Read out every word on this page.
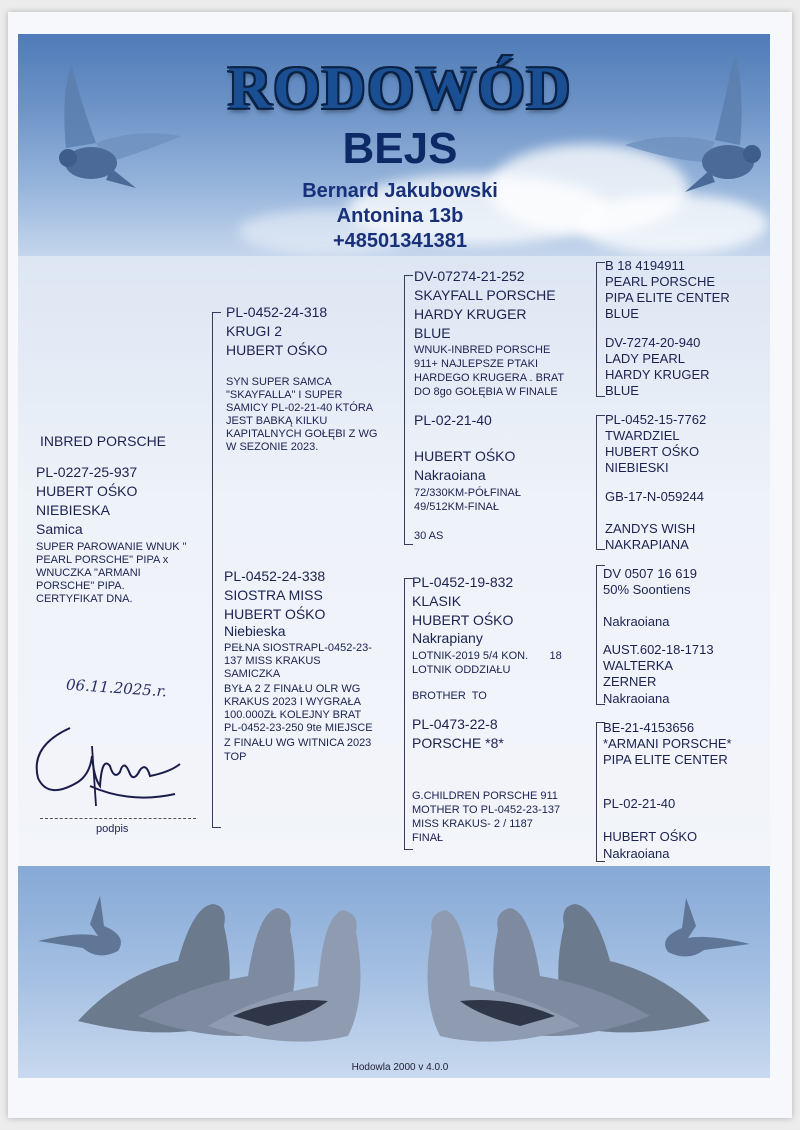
RODOWÓD
BEJS
Bernard Jakubowski
Antonina 13b
+48501341381
INBRED PORSCHE
PL-0227-25-937
HUBERT OŚKO
NIEBIESKA
Samica
SUPER PAROWANIE WNUK "
PEARL PORSCHE" PIPA x
WNUCZKA "ARMANI
PORSCHE" PIPA.
CERTYFIKAT DNA.
06.11.2025.r.
podpis
PL-0452-24-318
KRUGI 2
HUBERT OŚKO
SYN SUPER SAMCA
"SKAYFALLA" I SUPER
SAMICY PL-02-21-40 KTÓRA
JEST BABKĄ KILKU
KAPITALNYCH GOŁĘBI Z WG
W SEZONIE 2023.
PL-0452-24-338
SIOSTRA MISS
HUBERT OŚKO
Niebieska
PEŁNA SIOSTRAPL-0452-23-
137 MISS KRAKUS
SAMICZKA
BYŁA 2 Z FINAŁU OLR WG
KRAKUS 2023 I WYGRAŁA
100.000ZŁ KOLEJNY BRAT
PL-0452-23-250 9te MIEJSCE
Z FINAŁU WG WITNICA 2023
TOP
DV-07274-21-252
SKAYFALL PORSCHE
HARDY KRUGER
BLUE
WNUK-INBRED PORSCHE
911+ NAJLEPSZE PTAKI
HARDEGO KRUGERA . BRAT
DO 8go GOŁĘBIA W FINALE
PL-02-21-40
HUBERT OŚKO
Nakraoiana
72/330KM-PÓŁFINAŁ
49/512KM-FINAŁ
30 AS
PL-0452-19-832
KLASIK
HUBERT OŚKO
Nakrapiany
LOTNIK-2019 5/4 KON.       18
LOTNIK ODDZIAŁU
BROTHER  TO
PL-0473-22-8
PORSCHE *8*
G.CHILDREN PORSCHE 911
MOTHER TO PL-0452-23-137
MISS KRAKUS- 2 / 1187
FINAŁ
B 18 4194911
PEARL PORSCHE
PIPA ELITE CENTER
BLUE
DV-7274-20-940
LADY PEARL
HARDY KRUGER
BLUE
PL-0452-15-7762
TWARDZIEL
HUBERT OŚKO
NIEBIESKI
GB-17-N-059244
ZANDYS WISH
NAKRAPIANA
DV 0507 16 619
50% Soontiens
Nakraoiana
AUST.602-18-1713
WALTERKA
ZERNER
Nakraoiana
BE-21-4153656
*ARMANI PORSCHE*
PIPA ELITE CENTER
PL-02-21-40
HUBERT OŚKO
Nakraoiana
Hodowla 2000 v 4.0.0
